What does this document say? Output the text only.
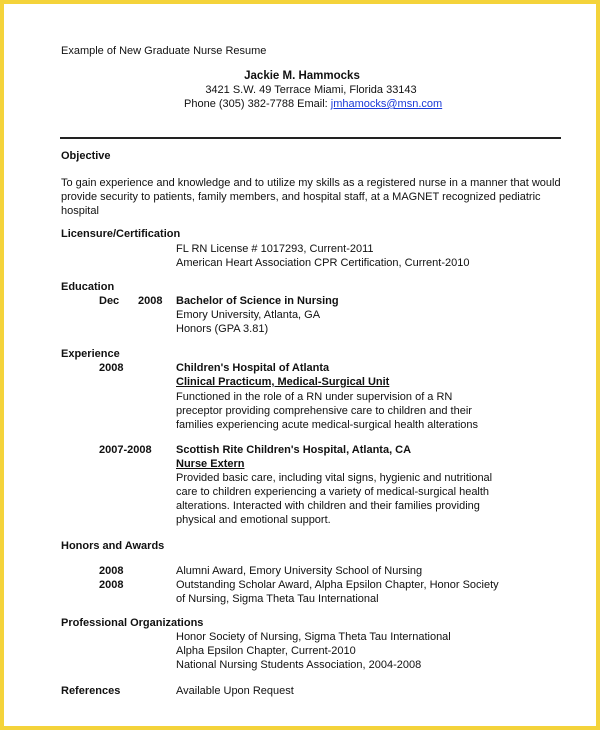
Example of New Graduate Nurse Resume
Jackie M. Hammocks
3421 S.W. 49 Terrace Miami, Florida 33143
Phone (305) 382-7788 Email: jmhamocks@msn.com
Objective
To gain experience and knowledge and to utilize my skills as a registered nurse in a manner that would
provide security to patients, family members, and hospital staff, at a MAGNET recognized pediatric
hospital
Licensure/Certification
FL RN License # 1017293, Current-2011
American Heart Association CPR Certification, Current-2010
Education
Dec 2008 Bachelor of Science in Nursing
Emory University, Atlanta, GA
Honors (GPA 3.81)
Experience
2008	Children's Hospital of Atlanta
Clinical Practicum, Medical-Surgical Unit
Functioned in the role of a RN under supervision of a RN
preceptor providing comprehensive care to children and their
families experiencing acute medical-surgical health alterations
2007-2008 Scottish Rite Children's Hospital, Atlanta, CA
Nurse Extern
Provided basic care, including vital signs, hygienic and nutritional
care to children experiencing a variety of medical-surgical health
alterations. Interacted with children and their families providing
physical and emotional support.
Honors and Awards
2008	Alumni Award, Emory University School of Nursing
2008	Outstanding Scholar Award, Alpha Epsilon Chapter, Honor Society
of Nursing, Sigma Theta Tau International
Professional Organizations
Honor Society of Nursing, Sigma Theta Tau International
Alpha Epsilon Chapter, Current-2010
National Nursing Students Association, 2004-2008
References	Available Upon Request
